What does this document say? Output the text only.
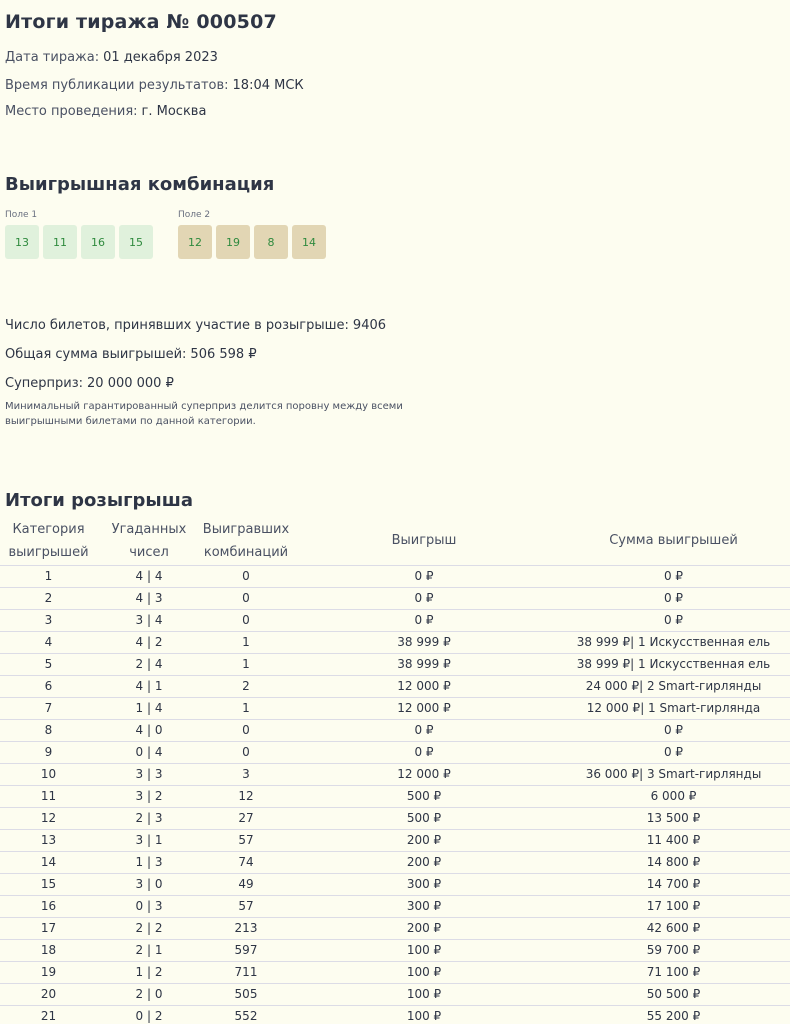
Итоги тиража № 000507
Дата тиража: 01 декабря 2023
Время публикации результатов: 18:04 МСК
Место проведения: г. Москва
Выигрышная комбинация
Поле 1
13	11	16	15
Поле 2
12	19	8	14
Число билетов, принявших участие в розыгрыше: 9406
Общая сумма выигрышей: 506 598 ₽
Суперприз: 20 000 000 ₽
Минимальный гарантированный суперприз делится поровну между всеми выигрышными билетами по данной категории.
Итоги розыгрыша
Категория выигрышей	Угаданных чисел	Выигравших комбинаций	Выигрыш	Сумма выигрышей
1	4 | 4	0	0 ₽	0 ₽
2	4 | 3	0	0 ₽	0 ₽
3	3 | 4	0	0 ₽	0 ₽
4	4 | 2	1	38 999 ₽	38 999 ₽| 1 Искусственная ель
5	2 | 4	1	38 999 ₽	38 999 ₽| 1 Искусственная ель
6	4 | 1	2	12 000 ₽	24 000 ₽| 2 Smart-гирлянды
7	1 | 4	1	12 000 ₽	12 000 ₽| 1 Smart-гирлянда
8	4 | 0	0	0 ₽	0 ₽
9	0 | 4	0	0 ₽	0 ₽
10	3 | 3	3	12 000 ₽	36 000 ₽| 3 Smart-гирлянды
11	3 | 2	12	500 ₽	6 000 ₽
12	2 | 3	27	500 ₽	13 500 ₽
13	3 | 1	57	200 ₽	11 400 ₽
14	1 | 3	74	200 ₽	14 800 ₽
15	3 | 0	49	300 ₽	14 700 ₽
16	0 | 3	57	300 ₽	17 100 ₽
17	2 | 2	213	200 ₽	42 600 ₽
18	2 | 1	597	100 ₽	59 700 ₽
19	1 | 2	711	100 ₽	71 100 ₽
20	2 | 0	505	100 ₽	50 500 ₽
21	0 | 2	552	100 ₽	55 200 ₽
